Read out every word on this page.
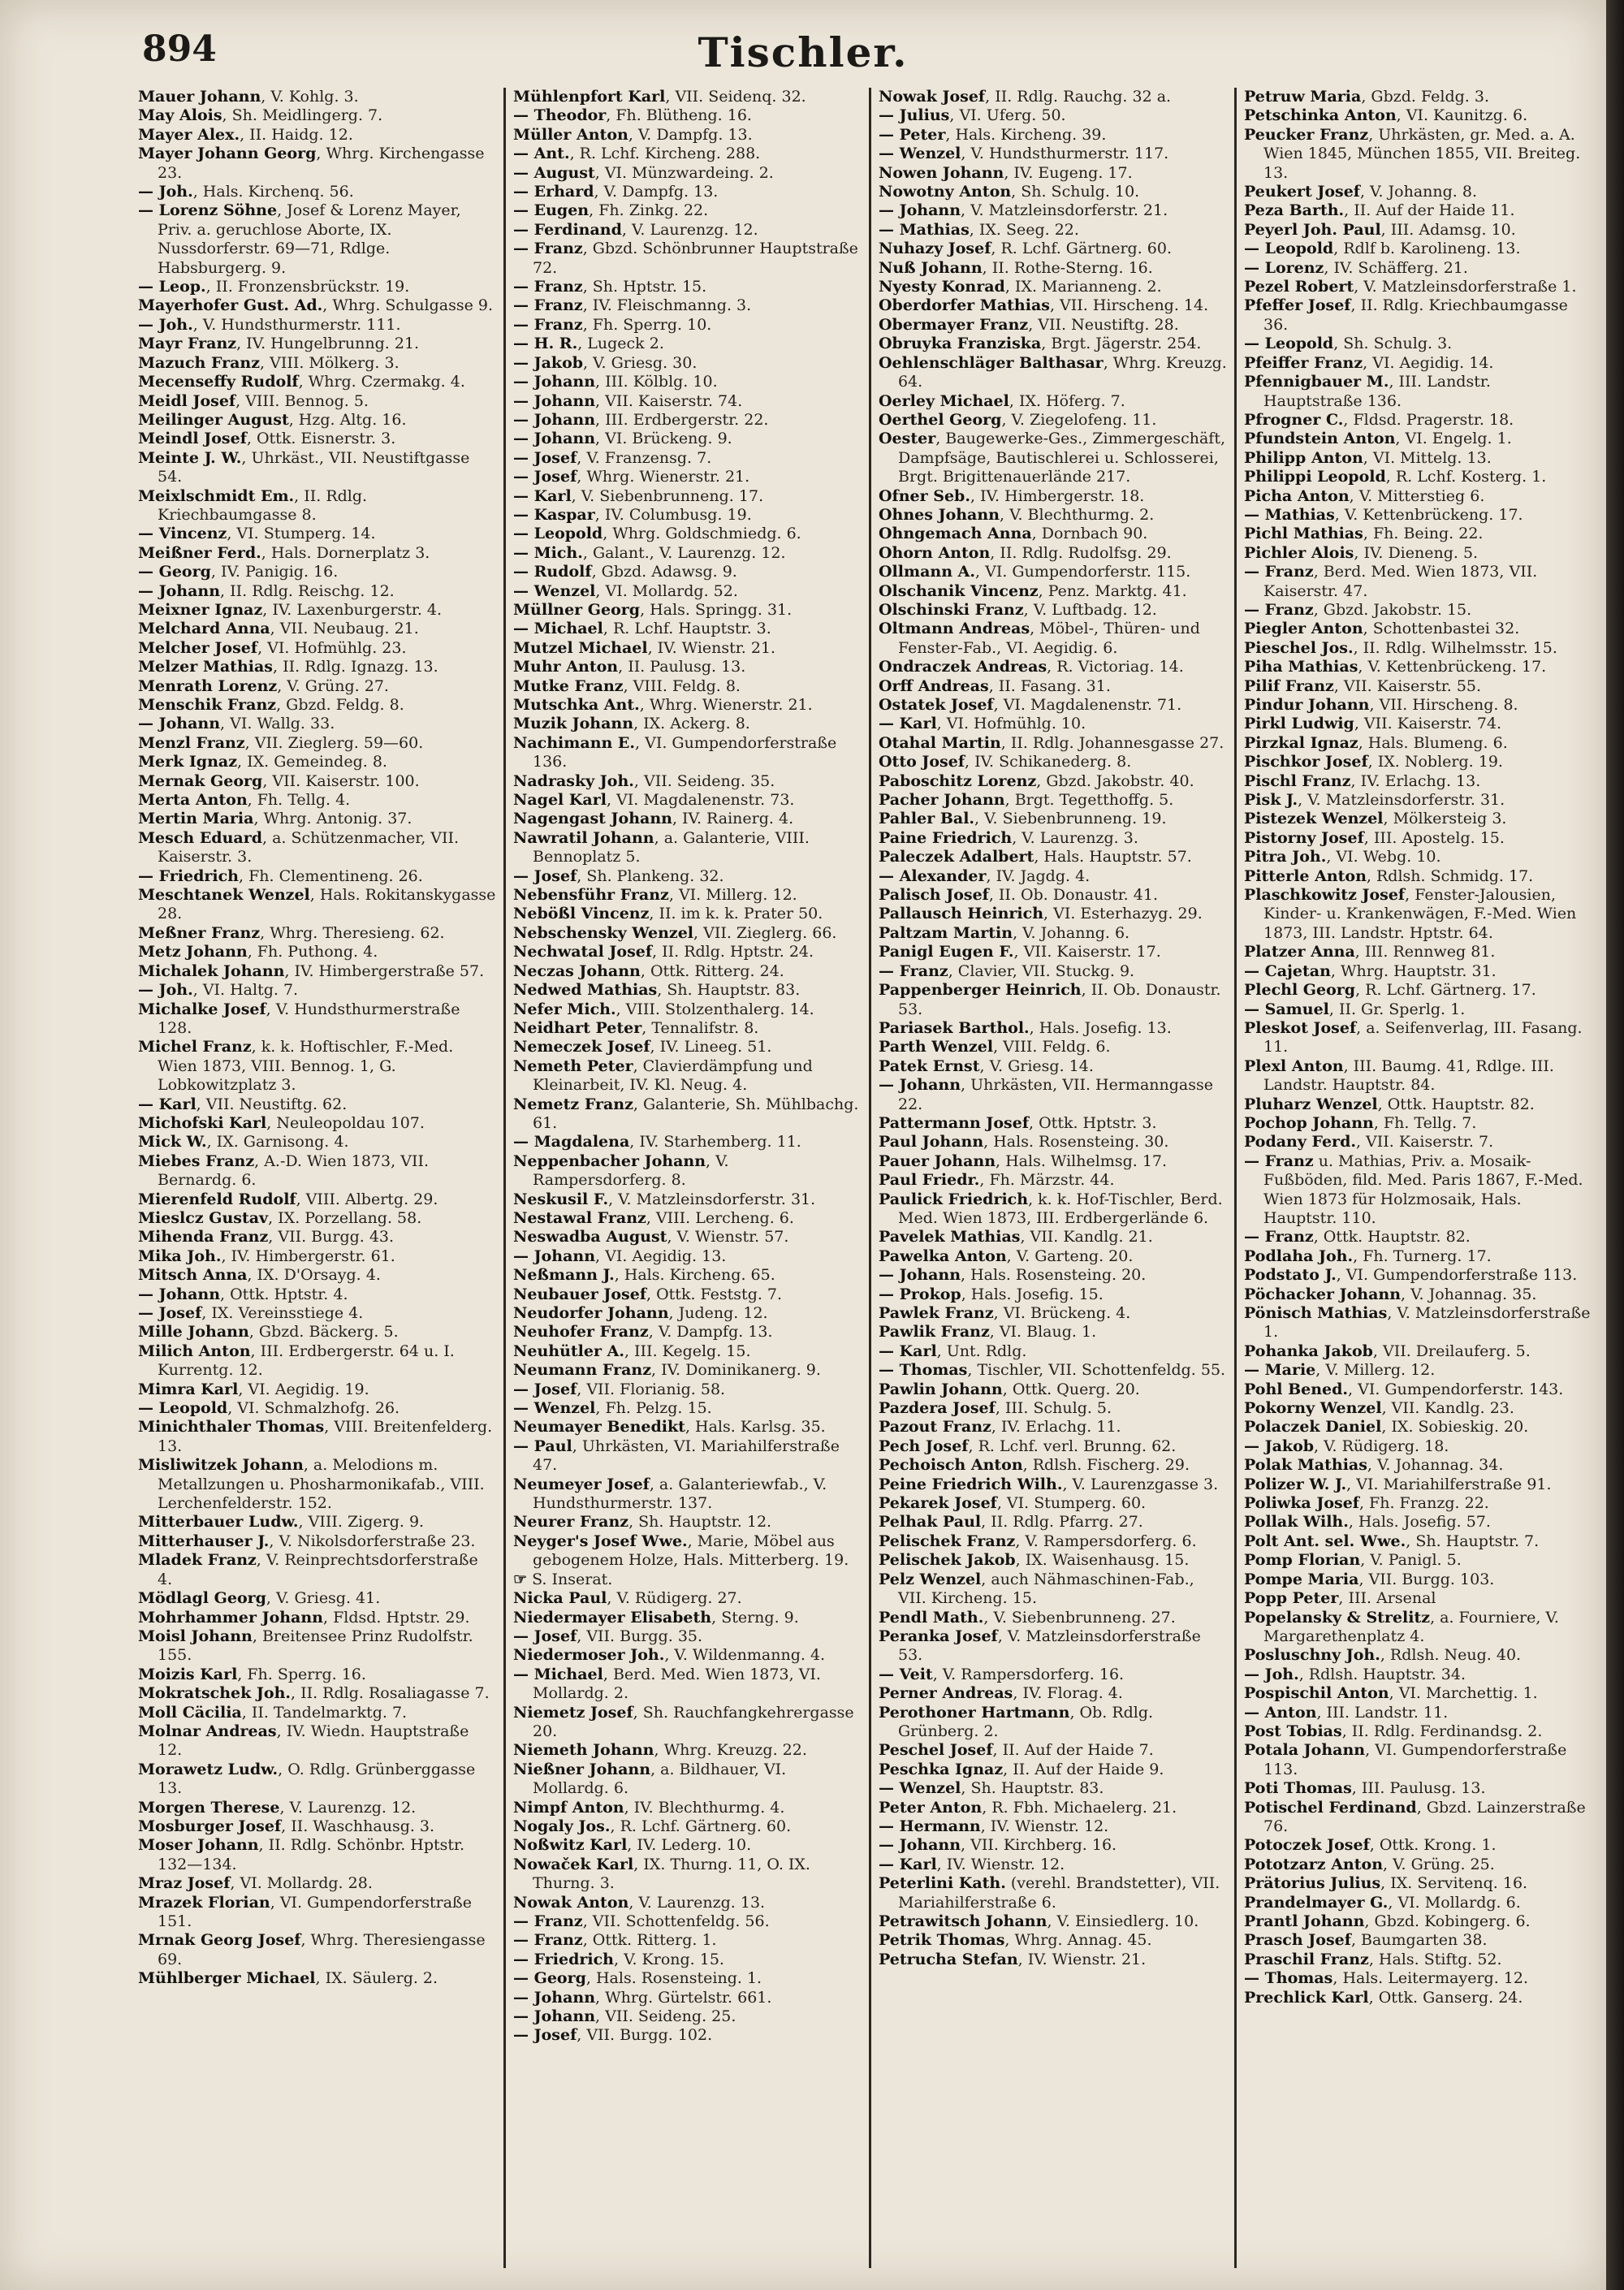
894	Tischler.
Mauer Johann, V. Kohlg. 3.
May Alois, Sh. Meidlingerg. 7.
Mayer Alex., II. Haidg. 12.
Mayer Johann Georg, Whrg. Kirchengasse 23.
— Joh., Hals. Kirchenq. 56.
— Lorenz Söhne, Josef & Lorenz Mayer, Priv. a. geruchlose Aborte, IX. Nussdorferstr. 69—71, Rdlge. Habsburgerg. 9.
— Leop., II. Fronzensbrückstr. 19.
Mayerhofer Gust. Ad., Whrg. Schulgasse 9.
— Joh., V. Hundsthurmerstr. 111.
Mayr Franz, IV. Hungelbrunng. 21.
Mazuch Franz, VIII. Mölkerg. 3.
Mecenseffy Rudolf, Whrg. Czermakg. 4.
Meidl Josef, VIII. Bennog. 5.
Meilinger August, Hzg. Altg. 16.
Meindl Josef, Ottk. Eisnerstr. 3.
Meinte J. W., Uhrkäst., VII. Neustiftgasse 54.
Meixlschmidt Em., II. Rdlg. Kriechbaumgasse 8.
— Vincenz, VI. Stumperg. 14.
Meißner Ferd., Hals. Dornerplatz 3.
— Georg, IV. Panigig. 16.
— Johann, II. Rdlg. Reischg. 12.
Meixner Ignaz, IV. Laxenburgerstr. 4.
Melchard Anna, VII. Neubaug. 21.
Melcher Josef, VI. Hofmühlg. 23.
Melzer Mathias, II. Rdlg. Ignazg. 13.
Menrath Lorenz, V. Grüng. 27.
Menschik Franz, Gbzd. Feldg. 8.
— Johann, VI. Wallg. 33.
Menzl Franz, VII. Zieglerg. 59—60.
Merk Ignaz, IX. Gemeindeg. 8.
Mernak Georg, VII. Kaiserstr. 100.
Merta Anton, Fh. Tellg. 4.
Mertin Maria, Whrg. Antonig. 37.
Mesch Eduard, a. Schützenmacher, VII. Kaiserstr. 3.
— Friedrich, Fh. Clementineng. 26.
Meschtanek Wenzel, Hals. Rokitanskygasse 28.
Meßner Franz, Whrg. Theresieng. 62.
Metz Johann, Fh. Puthong. 4.
Michalek Johann, IV. Himbergerstraße 57.
— Joh., VI. Haltg. 7.
Michalke Josef, V. Hundsthurmerstraße 128.
Michel Franz, k. k. Hoftischler, F.-Med. Wien 1873, VIII. Bennog. 1, G. Lobkowitzplatz 3.
— Karl, VII. Neustiftg. 62.
Michofski Karl, Neuleopoldau 107.
Mick W., IX. Garnisong. 4.
Miebes Franz, A.-D. Wien 1873, VII. Bernardg. 6.
Mierenfeld Rudolf, VIII. Albertg. 29.
Mieslcz Gustav, IX. Porzellang. 58.
Mihenda Franz, VII. Burgg. 43.
Mika Joh., IV. Himbergerstr. 61.
Mitsch Anna, IX. D'Orsayg. 4.
— Johann, Ottk. Hptstr. 4.
— Josef, IX. Vereinsstiege 4.
Mille Johann, Gbzd. Bäckerg. 5.
Milich Anton, III. Erdbergerstr. 64 u. I. Kurrentg. 12.
Mimra Karl, VI. Aegidig. 19.
— Leopold, VI. Schmalzhofg. 26.
Minichthaler Thomas, VIII. Breitenfelderg. 13.
Misliwitzek Johann, a. Melodions m. Metallzungen u. Phosharmonikafab., VIII. Lerchenfelderstr. 152.
Mitterbauer Ludw., VIII. Zigerg. 9.
Mitterhauser J., V. Nikolsdorferstraße 23.
Mladek Franz, V. Reinprechtsdorferstraße 4.
Mödlagl Georg, V. Griesg. 41.
Mohrhammer Johann, Fldsd. Hptstr. 29.
Moisl Johann, Breitensee Prinz Rudolfstr. 155.
Moizis Karl, Fh. Sperrg. 16.
Mokratschek Joh., II. Rdlg. Rosaliagasse 7.
Moll Cäcilia, II. Tandelmarktg. 7.
Molnar Andreas, IV. Wiedn. Hauptstraße 12.
Morawetz Ludw., O. Rdlg. Grünberggasse 13.
Morgen Therese, V. Laurenzg. 12.
Mosburger Josef, II. Waschhausg. 3.
Moser Johann, II. Rdlg. Schönbr. Hptstr. 132—134.
Mraz Josef, VI. Mollardg. 28.
Mrazek Florian, VI. Gumpendorferstraße 151.
Mrnak Georg Josef, Whrg. Theresiengasse 69.
Mühlberger Michael, IX. Säulerg. 2.
Mühlenpfort Karl, VII. Seidenq. 32.
— Theodor, Fh. Blütheng. 16.
Müller Anton, V. Dampfg. 13.
— Ant., R. Lchf. Kircheng. 288.
— August, VI. Münzwardeing. 2.
— Erhard, V. Dampfg. 13.
— Eugen, Fh. Zinkg. 22.
— Ferdinand, V. Laurenzg. 12.
— Franz, Gbzd. Schönbrunner Hauptstraße 72.
— Franz, Sh. Hptstr. 15.
— Franz, IV. Fleischmanng. 3.
— Franz, Fh. Sperrg. 10.
— H. R., Lugeck 2.
— Jakob, V. Griesg. 30.
— Johann, III. Kölblg. 10.
— Johann, VII. Kaiserstr. 74.
— Johann, III. Erdbergerstr. 22.
— Johann, VI. Brückeng. 9.
— Josef, V. Franzensg. 7.
— Josef, Whrg. Wienerstr. 21.
— Karl, V. Siebenbrunneng. 17.
— Kaspar, IV. Columbusg. 19.
— Leopold, Whrg. Goldschmiedg. 6.
— Mich., Galant., V. Laurenzg. 12.
— Rudolf, Gbzd. Adawsg. 9.
— Wenzel, VI. Mollardg. 52.
Müllner Georg, Hals. Springg. 31.
— Michael, R. Lchf. Hauptstr. 3.
Mutzel Michael, IV. Wienstr. 21.
Muhr Anton, II. Paulusg. 13.
Mutke Franz, VIII. Feldg. 8.
Mutschka Ant., Whrg. Wienerstr. 21.
Muzik Johann, IX. Ackerg. 8.
Nachimann E., VI. Gumpendorferstraße 136.
Nadrasky Joh., VII. Seideng. 35.
Nagel Karl, VI. Magdalenenstr. 73.
Nagengast Johann, IV. Rainerg. 4.
Nawratil Johann, a. Galanterie, VIII. Bennoplatz 5.
— Josef, Sh. Plankeng. 32.
Nebensführ Franz, VI. Millerg. 12.
Nebößl Vincenz, II. im k. k. Prater 50.
Nebschensky Wenzel, VII. Zieglerg. 66.
Nechwatal Josef, II. Rdlg. Hptstr. 24.
Neczas Johann, Ottk. Ritterg. 24.
Nedwed Mathias, Sh. Hauptstr. 83.
Nefer Mich., VIII. Stolzenthalerg. 14.
Neidhart Peter, Tennalifstr. 8.
Nemeczek Josef, IV. Lineeg. 51.
Nemeth Peter, Clavierdämpfung und Kleinarbeit, IV. Kl. Neug. 4.
Nemetz Franz, Galanterie, Sh. Mühlbachg. 61.
— Magdalena, IV. Starhemberg. 11.
Neppenbacher Johann, V. Rampersdorferg. 8.
Neskusil F., V. Matzleinsdorferstr. 31.
Nestawal Franz, VIII. Lercheng. 6.
Neswadba August, V. Wienstr. 57.
— Johann, VI. Aegidig. 13.
Neßmann J., Hals. Kircheng. 65.
Neubauer Josef, Ottk. Feststg. 7.
Neudorfer Johann, Judeng. 12.
Neuhofer Franz, V. Dampfg. 13.
Neuhütler A., III. Kegelg. 15.
Neumann Franz, IV. Dominikanerg. 9.
— Josef, VII. Florianig. 58.
— Wenzel, Fh. Pelzg. 15.
Neumayer Benedikt, Hals. Karlsg. 35.
— Paul, Uhrkästen, VI. Mariahilferstraße 47.
Neumeyer Josef, a. Galanteriewfab., V. Hundsthurmerstr. 137.
Neurer Franz, Sh. Hauptstr. 12.
Neyger's Josef Wwe., Marie, Möbel aus gebogenem Holze, Hals. Mitterberg. 19.
☞ S. Inserat.
Nicka Paul, V. Rüdigerg. 27.
Niedermayer Elisabeth, Sterng. 9.
— Josef, VII. Burgg. 35.
Niedermoser Joh., V. Wildenmanng. 4.
— Michael, Berd. Med. Wien 1873, VI. Mollardg. 2.
Niemetz Josef, Sh. Rauchfangkehrergasse 20.
Niemeth Johann, Whrg. Kreuzg. 22.
Nießner Johann, a. Bildhauer, VI. Mollardg. 6.
Nimpf Anton, IV. Blechthurmg. 4.
Nogaly Jos., R. Lchf. Gärtnerg. 60.
Noßwitz Karl, IV. Lederg. 10.
Nowaček Karl, IX. Thurng. 11, O. IX. Thurng. 3.
Nowak Anton, V. Laurenzg. 13.
— Franz, VII. Schottenfeldg. 56.
— Franz, Ottk. Ritterg. 1.
— Friedrich, V. Krong. 15.
— Georg, Hals. Rosensteing. 1.
— Johann, Whrg. Gürtelstr. 661.
— Johann, VII. Seideng. 25.
— Josef, VII. Burgg. 102.
Nowak Josef, II. Rdlg. Rauchg. 32 a.
— Julius, VI. Uferg. 50.
— Peter, Hals. Kircheng. 39.
— Wenzel, V. Hundsthurmerstr. 117.
Nowen Johann, IV. Eugeng. 17.
Nowotny Anton, Sh. Schulg. 10.
— Johann, V. Matzleinsdorferstr. 21.
— Mathias, IX. Seeg. 22.
Nuhazy Josef, R. Lchf. Gärtnerg. 60.
Nuß Johann, II. Rothe-Sterng. 16.
Nyesty Konrad, IX. Marianneng. 2.
Oberdorfer Mathias, VII. Hirscheng. 14.
Obermayer Franz, VII. Neustiftg. 28.
Obruyka Franziska, Brgt. Jägerstr. 254.
Oehlenschläger Balthasar, Whrg. Kreuzg. 64.
Oerley Michael, IX. Höferg. 7.
Oerthel Georg, V. Ziegelofeng. 11.
Oester, Baugewerke-Ges., Zimmergeschäft, Dampfsäge, Bautischlerei u. Schlosserei, Brgt. Brigittenauerlände 217.
Ofner Seb., IV. Himbergerstr. 18.
Ohnes Johann, V. Blechthurmg. 2.
Ohngemach Anna, Dornbach 90.
Ohorn Anton, II. Rdlg. Rudolfsg. 29.
Ollmann A., VI. Gumpendorferstr. 115.
Olschanik Vincenz, Penz. Marktg. 41.
Olschinski Franz, V. Luftbadg. 12.
Oltmann Andreas, Möbel-, Thüren- und Fenster-Fab., VI. Aegidig. 6.
Ondraczek Andreas, R. Victoriag. 14.
Orff Andreas, II. Fasang. 31.
Ostatek Josef, VI. Magdalenenstr. 71.
— Karl, VI. Hofmühlg. 10.
Otahal Martin, II. Rdlg. Johannesgasse 27.
Otto Josef, IV. Schikanederg. 8.
Paboschitz Lorenz, Gbzd. Jakobstr. 40.
Pacher Johann, Brgt. Tegetthoffg. 5.
Pahler Bal., V. Siebenbrunneng. 19.
Paine Friedrich, V. Laurenzg. 3.
Paleczek Adalbert, Hals. Hauptstr. 57.
— Alexander, IV. Jagdg. 4.
Palisch Josef, II. Ob. Donaustr. 41.
Pallausch Heinrich, VI. Esterhazyg. 29.
Paltzam Martin, V. Johanng. 6.
Panigl Eugen F., VII. Kaiserstr. 17.
— Franz, Clavier, VII. Stuckg. 9.
Pappenberger Heinrich, II. Ob. Donaustr. 53.
Pariasek Barthol., Hals. Josefig. 13.
Parth Wenzel, VIII. Feldg. 6.
Patek Ernst, V. Griesg. 14.
— Johann, Uhrkästen, VII. Hermanngasse 22.
Pattermann Josef, Ottk. Hptstr. 3.
Paul Johann, Hals. Rosensteing. 30.
Pauer Johann, Hals. Wilhelmsg. 17.
Paul Friedr., Fh. Märzstr. 44.
Paulick Friedrich, k. k. Hof-Tischler, Berd. Med. Wien 1873, III. Erdbergerlände 6.
Pavelek Mathias, VII. Kandlg. 21.
Pawelka Anton, V. Garteng. 20.
— Johann, Hals. Rosensteing. 20.
— Prokop, Hals. Josefig. 15.
Pawlek Franz, VI. Brückeng. 4.
Pawlik Franz, VI. Blaug. 1.
— Karl, Unt. Rdlg.
— Thomas, Tischler, VII. Schottenfeldg. 55.
Pawlin Johann, Ottk. Querg. 20.
Pazdera Josef, III. Schulg. 5.
Pazout Franz, IV. Erlachg. 11.
Pech Josef, R. Lchf. verl. Brunng. 62.
Pechoisch Anton, Rdlsh. Fischerg. 29.
Peine Friedrich Wilh., V. Laurenzgasse 3.
Pekarek Josef, VI. Stumperg. 60.
Pelhak Paul, II. Rdlg. Pfarrg. 27.
Pelischek Franz, V. Rampersdorferg. 6.
Pelischek Jakob, IX. Waisenhausg. 15.
Pelz Wenzel, auch Nähmaschinen-Fab., VII. Kircheng. 15.
Pendl Math., V. Siebenbrunneng. 27.
Peranka Josef, V. Matzleinsdorferstraße 53.
— Veit, V. Rampersdorferg. 16.
Perner Andreas, IV. Florag. 4.
Perothoner Hartmann, Ob. Rdlg. Grünberg. 2.
Peschel Josef, II. Auf der Haide 7.
Peschka Ignaz, II. Auf der Haide 9.
— Wenzel, Sh. Hauptstr. 83.
Peter Anton, R. Fbh. Michaelerg. 21.
— Hermann, IV. Wienstr. 12.
— Johann, VII. Kirchberg. 16.
— Karl, IV. Wienstr. 12.
Peterlini Kath. (verehl. Brandstetter), VII. Mariahilferstraße 6.
Petrawitsch Johann, V. Einsiedlerg. 10.
Petrik Thomas, Whrg. Annag. 45.
Petrucha Stefan, IV. Wienstr. 21.
Petruw Maria, Gbzd. Feldg. 3.
Petschinka Anton, VI. Kaunitzg. 6.
Peucker Franz, Uhrkästen, gr. Med. a. A. Wien 1845, München 1855, VII. Breiteg. 13.
Peukert Josef, V. Johanng. 8.
Peza Barth., II. Auf der Haide 11.
Peyerl Joh. Paul, III. Adamsg. 10.
— Leopold, Rdlf b. Karolineng. 13.
— Lorenz, IV. Schäfferg. 21.
Pezel Robert, V. Matzleinsdorferstraße 1.
Pfeffer Josef, II. Rdlg. Kriechbaumgasse 36.
— Leopold, Sh. Schulg. 3.
Pfeiffer Franz, VI. Aegidig. 14.
Pfennigbauer M., III. Landstr. Hauptstraße 136.
Pfrogner C., Fldsd. Pragerstr. 18.
Pfundstein Anton, VI. Engelg. 1.
Philipp Anton, VI. Mittelg. 13.
Philippi Leopold, R. Lchf. Kosterg. 1.
Picha Anton, V. Mitterstieg 6.
— Mathias, V. Kettenbrückeng. 17.
Pichl Mathias, Fh. Being. 22.
Pichler Alois, IV. Dieneng. 5.
— Franz, Berd. Med. Wien 1873, VII. Kaiserstr. 47.
— Franz, Gbzd. Jakobstr. 15.
Piegler Anton, Schottenbastei 32.
Pieschel Jos., II. Rdlg. Wilhelmsstr. 15.
Piha Mathias, V. Kettenbrückeng. 17.
Pilif Franz, VII. Kaiserstr. 55.
Pindur Johann, VII. Hirscheng. 8.
Pirkl Ludwig, VII. Kaiserstr. 74.
Pirzkal Ignaz, Hals. Blumeng. 6.
Pischkor Josef, IX. Noblerg. 19.
Pischl Franz, IV. Erlachg. 13.
Pisk J., V. Matzleinsdorferstr. 31.
Pistezek Wenzel, Mölkersteig 3.
Pistorny Josef, III. Apostelg. 15.
Pitra Joh., VI. Webg. 10.
Pitterle Anton, Rdlsh. Schmidg. 17.
Plaschkowitz Josef, Fenster-Jalousien, Kinder- u. Krankenwägen, F.-Med. Wien 1873, III. Landstr. Hptstr. 64.
Platzer Anna, III. Rennweg 81.
— Cajetan, Whrg. Hauptstr. 31.
Plechl Georg, R. Lchf. Gärtnerg. 17.
— Samuel, II. Gr. Sperlg. 1.
Pleskot Josef, a. Seifenverlag, III. Fasang. 11.
Plexl Anton, III. Baumg. 41, Rdlge. III. Landstr. Hauptstr. 84.
Pluharz Wenzel, Ottk. Hauptstr. 82.
Pochop Johann, Fh. Tellg. 7.
Podany Ferd., VII. Kaiserstr. 7.
— Franz u. Mathias, Priv. a. Mosaik-Fußböden, fild. Med. Paris 1867, F.-Med. Wien 1873 für Holzmosaik, Hals. Hauptstr. 110.
— Franz, Ottk. Hauptstr. 82.
Podlaha Joh., Fh. Turnerg. 17.
Podstato J., VI. Gumpendorferstraße 113.
Pöchacker Johann, V. Johannag. 35.
Pönisch Mathias, V. Matzleinsdorferstraße 1.
Pohanka Jakob, VII. Dreilauferg. 5.
— Marie, V. Millerg. 12.
Pohl Bened., VI. Gumpendorferstr. 143.
Pokorny Wenzel, VII. Kandlg. 23.
Polaczek Daniel, IX. Sobieskig. 20.
— Jakob, V. Rüdigerg. 18.
Polak Mathias, V. Johannag. 34.
Polizer W. J., VI. Mariahilferstraße 91.
Poliwka Josef, Fh. Franzg. 22.
Pollak Wilh., Hals. Josefig. 57.
Polt Ant. sel. Wwe., Sh. Hauptstr. 7.
Pomp Florian, V. Panigl. 5.
Pompe Maria, VII. Burgg. 103.
Popp Peter, III. Arsenal
Popelansky & Strelitz, a. Fourniere, V. Margarethenplatz 4.
Posluschny Joh., Rdlsh. Neug. 40.
— Joh., Rdlsh. Hauptstr. 34.
Pospischil Anton, VI. Marchettig. 1.
— Anton, III. Landstr. 11.
Post Tobias, II. Rdlg. Ferdinandsg. 2.
Potala Johann, VI. Gumpendorferstraße 113.
Poti Thomas, III. Paulusg. 13.
Potischel Ferdinand, Gbzd. Lainzerstraße 76.
Potoczek Josef, Ottk. Krong. 1.
Pototzarz Anton, V. Grüng. 25.
Prätorius Julius, IX. Servitenq. 16.
Prandelmayer G., VI. Mollardg. 6.
Prantl Johann, Gbzd. Kobingerg. 6.
Prasch Josef, Baumgarten 38.
Praschil Franz, Hals. Stiftg. 52.
— Thomas, Hals. Leitermayerg. 12.
Prechlick Karl, Ottk. Ganserg. 24.
